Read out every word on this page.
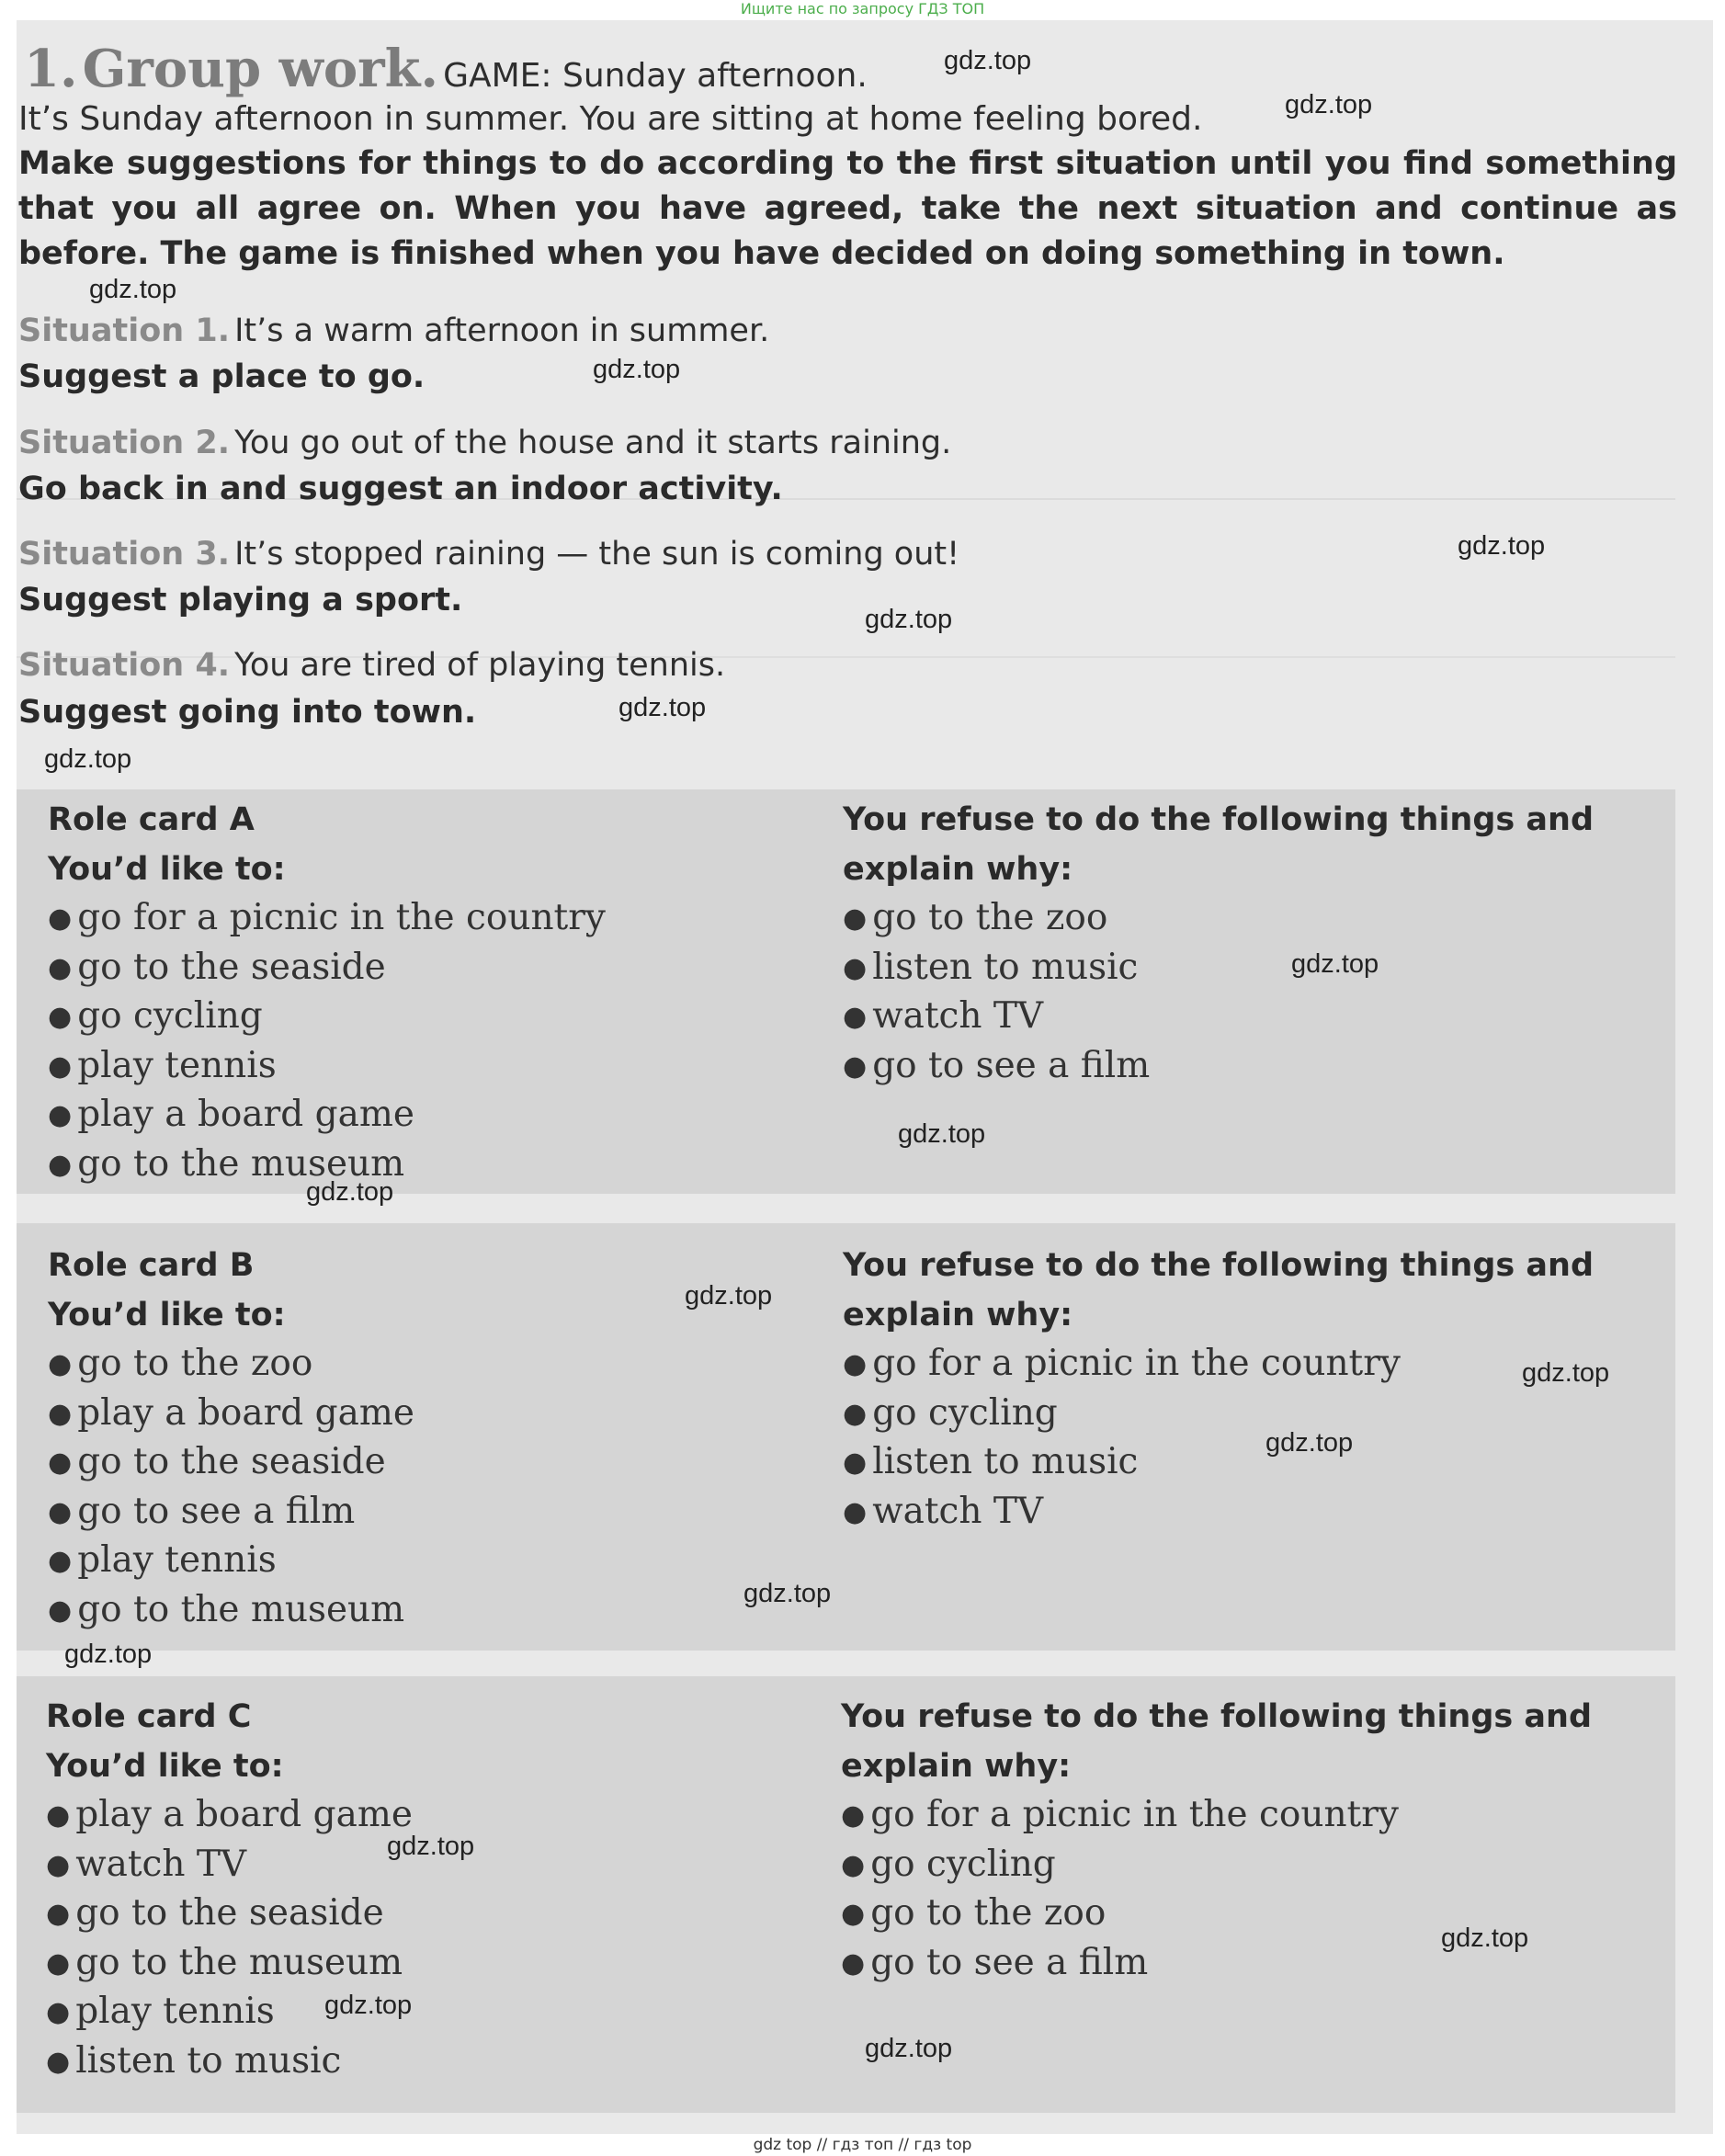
Ищите нас по запросу ГДЗ ТОП
1. Group work. GAME: Sunday afternoon.
It’s Sunday afternoon in summer. You are sitting at home feeling bored.
Make suggestions for things to do according to the first situation until you find something that you all agree on. When you have agreed, take the next situation and continue as before. The game is finished when you have decided on doing something in town.
Situation 1. It’s a warm afternoon in summer.
Suggest a place to go.
Situation 2. You go out of the house and it starts raining.
Go back in and suggest an indoor activity.
Situation 3. It’s stopped raining — the sun is coming out!
Suggest playing a sport.
Situation 4. You are tired of playing tennis.
Suggest going into town.
Role card A
You’d like to:
● go for a picnic in the country
● go to the seaside
● go cycling
● play tennis
● play a board game
● go to the museum
You refuse to do the following things and
explain why:
● go to the zoo
● listen to music
● watch TV
● go to see a film
Role card B
You’d like to:
● go to the zoo
● play a board game
● go to the seaside
● go to see a film
● play tennis
● go to the museum
You refuse to do the following things and
explain why:
● go for a picnic in the country
● go cycling
● listen to music
● watch TV
Role card C
You’d like to:
● play a board game
● watch TV
● go to the seaside
● go to the museum
● play tennis
● listen to music
You refuse to do the following things and
explain why:
● go for a picnic in the country
● go cycling
● go to the zoo
● go to see a film
gdz.top
gdz.top
gdz.top
gdz.top
gdz.top
gdz.top
gdz.top
gdz.top
gdz.top
gdz.top
gdz.top
gdz.top
gdz.top
gdz.top
gdz.top
gdz.top
gdz.top
gdz.top
gdz.top
gdz.top
gdz top // гдз топ // гдз top
